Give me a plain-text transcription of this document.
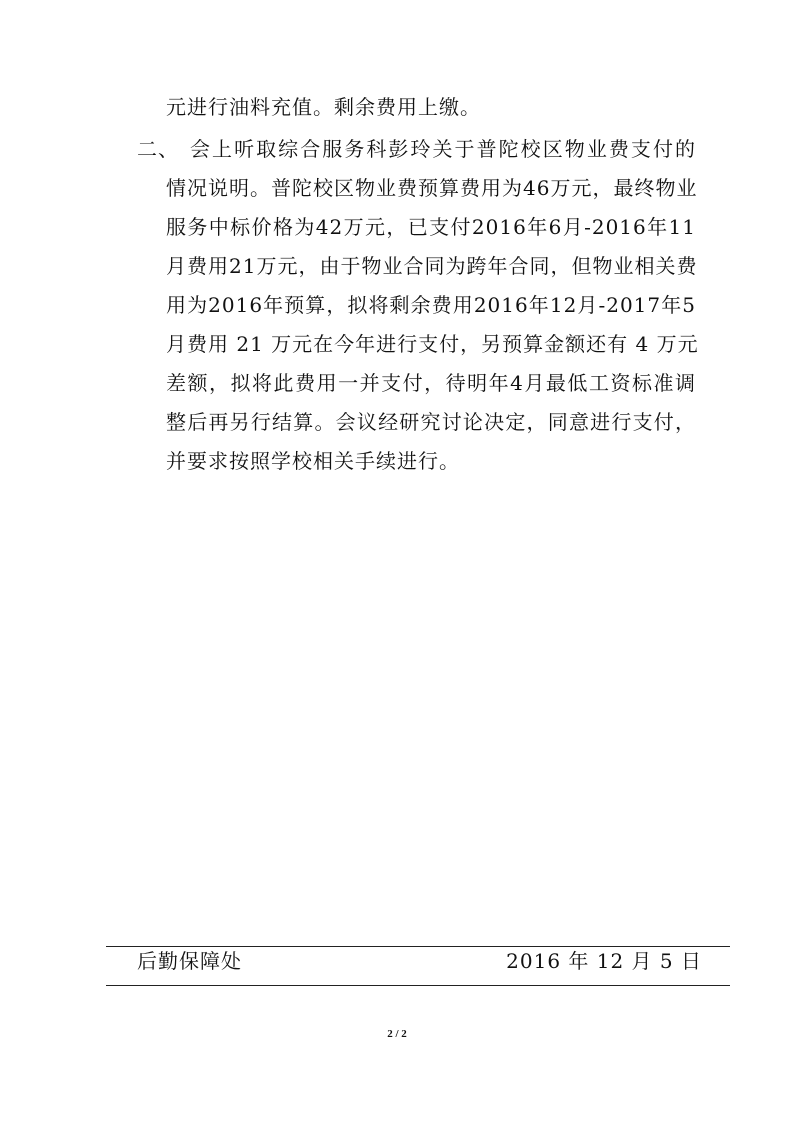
元进行油料充值。剩余费用上缴。
二、 会上听取综合服务科彭玲关于普陀校区物业费支付的
情况说明。普陀校区物业费预算费用为46万元，最终物业
服务中标价格为42万元，已支付2016年6月-2016年11
月费用21万元，由于物业合同为跨年合同，但物业相关费
用为2016年预算，拟将剩余费用2016年12月-2017年5
月费用 21 万元在今年进行支付，另预算金额还有 4 万元
差额，拟将此费用一并支付，待明年4月最低工资标准调
整后再另行结算。会议经研究讨论决定，同意进行支付，
并要求按照学校相关手续进行。
后勤保障处	2016 年 12 月 5 日
2 / 2
